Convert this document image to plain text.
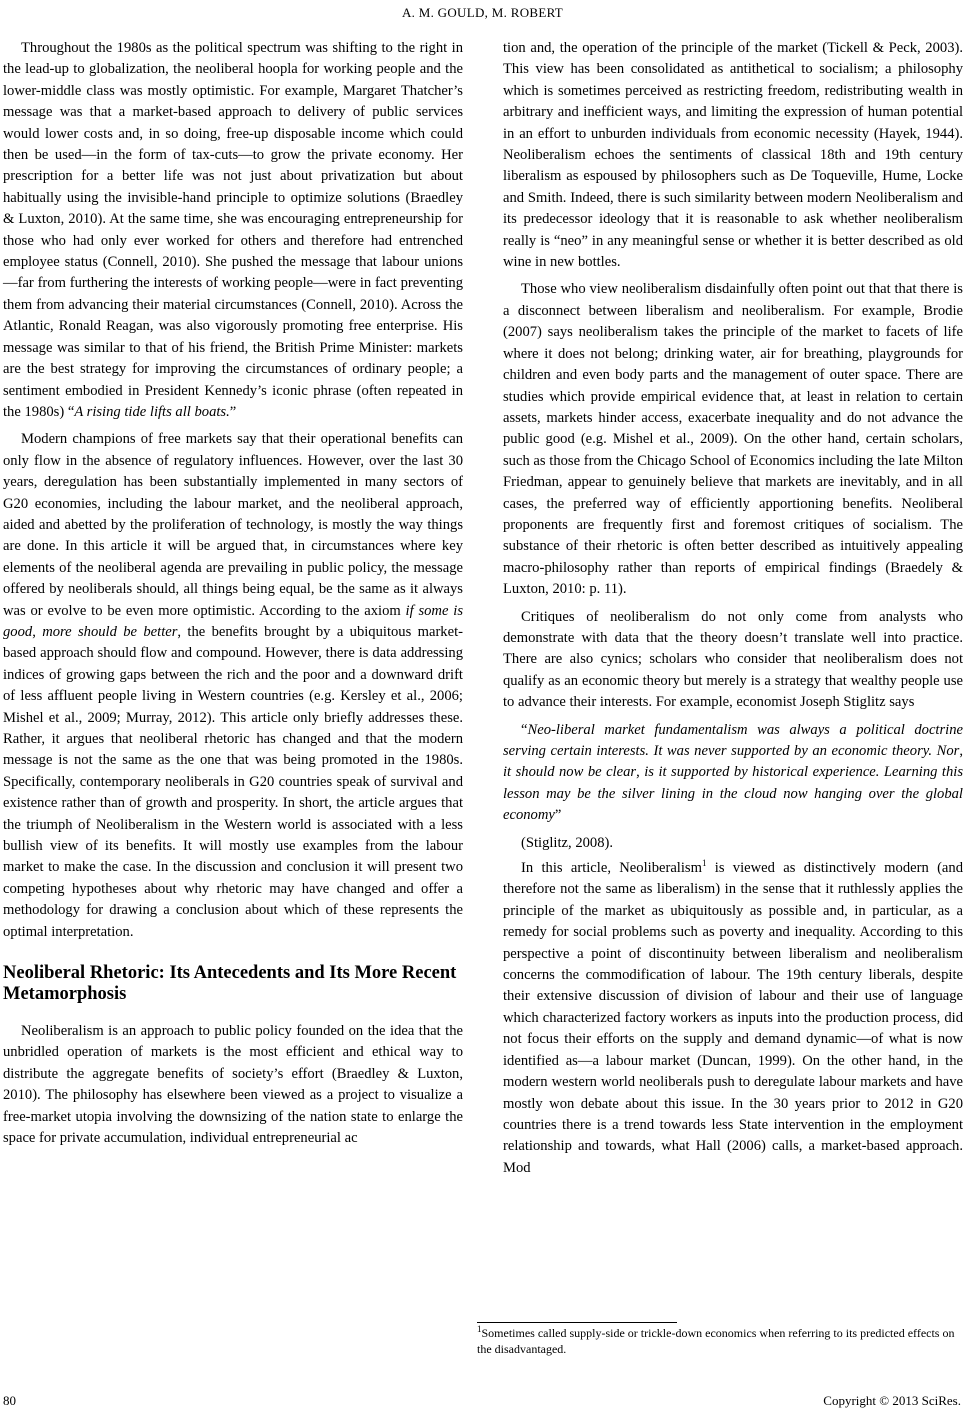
A. M. GOULD, M. ROBERT

Throughout the 1980s as the political spectrum was shifting to the right in the lead-up to globalization, the neoliberal hoopla for working people and the lower-middle class was mostly optimistic. For example, Margaret Thatcher’s message was that a market-based approach to delivery of public services would lower costs and, in so doing, free-up disposable income which could then be used—in the form of tax-cuts—to grow the private economy. Her prescription for a better life was not just about privatization but about habitually using the invisible-hand principle to optimize solutions (Braedley & Luxton, 2010). At the same time, she was encouraging entrepreneurship for those who had only ever worked for others and therefore had entrenched employee status (Connell, 2010). She pushed the message that labour unions—far from furthering the interests of working people—were in fact preventing them from advancing their material circumstances (Connell, 2010). Across the Atlantic, Ronald Reagan, was also vigorously promoting free enterprise. His message was similar to that of his friend, the British Prime Minister: markets are the best strategy for improving the circumstances of ordinary people; a sentiment embodied in President Kennedy’s iconic phrase (often repeated in the 1980s) “A rising tide lifts all boats.”

Modern champions of free markets say that their operational benefits can only flow in the absence of regulatory influences. However, over the last 30 years, deregulation has been substantially implemented in many sectors of G20 economies, including the labour market, and the neoliberal approach, aided and abetted by the proliferation of technology, is mostly the way things are done. In this article it will be argued that, in circumstances where key elements of the neoliberal agenda are prevailing in public policy, the message offered by neoliberals should, all things being equal, be the same as it always was or evolve to be even more optimistic. According to the axiom if some is good, more should be better, the benefits brought by a ubiquitous market-based approach should flow and compound. However, there is data addressing indices of growing gaps between the rich and the poor and a downward drift of less affluent people living in Western countries (e.g. Kersley et al., 2006; Mishel et al., 2009; Murray, 2012). This article only briefly addresses these. Rather, it argues that neoliberal rhetoric has changed and that the modern message is not the same as the one that was being promoted in the 1980s. Specifically, contemporary neoliberals in G20 countries speak of survival and existence rather than of growth and prosperity. In short, the article argues that the triumph of Neoliberalism in the Western world is associated with a less bullish view of its benefits. It will mostly use examples from the labour market to make the case. In the discussion and conclusion it will present two competing hypotheses about why rhetoric may have changed and offer a methodology for drawing a conclusion about which of these represents the optimal interpretation.

Neoliberal Rhetoric: Its Antecedents and Its More Recent Metamorphosis

Neoliberalism is an approach to public policy founded on the idea that the unbridled operation of markets is the most efficient and ethical way to distribute the aggregate benefits of society’s effort (Braedley & Luxton, 2010). The philosophy has elsewhere been viewed as a project to visualize a free-market utopia involving the downsizing of the nation state to enlarge the space for private accumulation, individual entrepreneurial ac

tion and, the operation of the principle of the market (Tickell & Peck, 2003). This view has been consolidated as antithetical to socialism; a philosophy which is sometimes perceived as restricting freedom, redistributing wealth in arbitrary and inefficient ways, and limiting the expression of human potential in an effort to unburden individuals from economic necessity (Hayek, 1944). Neoliberalism echoes the sentiments of classical 18th and 19th century liberalism as espoused by philosophers such as De Toqueville, Hume, Locke and Smith. Indeed, there is such similarity between modern Neoliberalism and its predecessor ideology that it is reasonable to ask whether neoliberalism really is “neo” in any meaningful sense or whether it is better described as old wine in new bottles.

Those who view neoliberalism disdainfully often point out that that there is a disconnect between liberalism and neoliberalism. For example, Brodie (2007) says neoliberalism takes the principle of the market to facets of life where it does not belong; drinking water, air for breathing, playgrounds for children and even body parts and the management of outer space. There are studies which provide empirical evidence that, at least in relation to certain assets, markets hinder access, exacerbate inequality and do not advance the public good (e.g. Mishel et al., 2009). On the other hand, certain scholars, such as those from the Chicago School of Economics including the late Milton Friedman, appear to genuinely believe that markets are inevitably, and in all cases, the preferred way of efficiently apportioning benefits. Neoliberal proponents are frequently first and foremost critiques of socialism. The substance of their rhetoric is often better described as intuitively appealing macro-philosophy rather than reports of empirical findings (Braedely & Luxton, 2010: p. 11).

Critiques of neoliberalism do not only come from analysts who demonstrate with data that the theory doesn’t translate well into practice. There are also cynics; scholars who consider that neoliberalism does not qualify as an economic theory but merely is a strategy that wealthy people use to advance their interests. For example, economist Joseph Stiglitz says

“Neo-liberal market fundamentalism was always a political doctrine serving certain interests. It was never supported by an economic theory. Nor, it should now be clear, is it supported by historical experience. Learning this lesson may be the silver lining in the cloud now hanging over the global economy”

(Stiglitz, 2008).

In this article, Neoliberalism$^1$ is viewed as distinctively modern (and therefore not the same as liberalism) in the sense that it ruthlessly applies the principle of the market as ubiquitously as possible and, in particular, as a remedy for social problems such as poverty and inequality. According to this perspective a point of discontinuity between liberalism and neoliberalism concerns the commodification of labour. The 19th century liberals, despite their extensive discussion of division of labour and their use of language which characterized factory workers as inputs into the production process, did not focus their efforts on the supply and demand dynamic—of what is now identified as—a labour market (Duncan, 1999). On the other hand, in the modern western world neoliberals push to deregulate labour markets and have mostly won debate about this issue. In the 30 years prior to 2012 in G20 countries there is a trend towards less State intervention in the employment relationship and towards, what Hall (2006) calls, a market-based approach. Mod

$^1$Sometimes called supply-side or trickle-down economics when referring to its predicted effects on the disadvantaged.
80	Copyright © 2013 SciRes.
